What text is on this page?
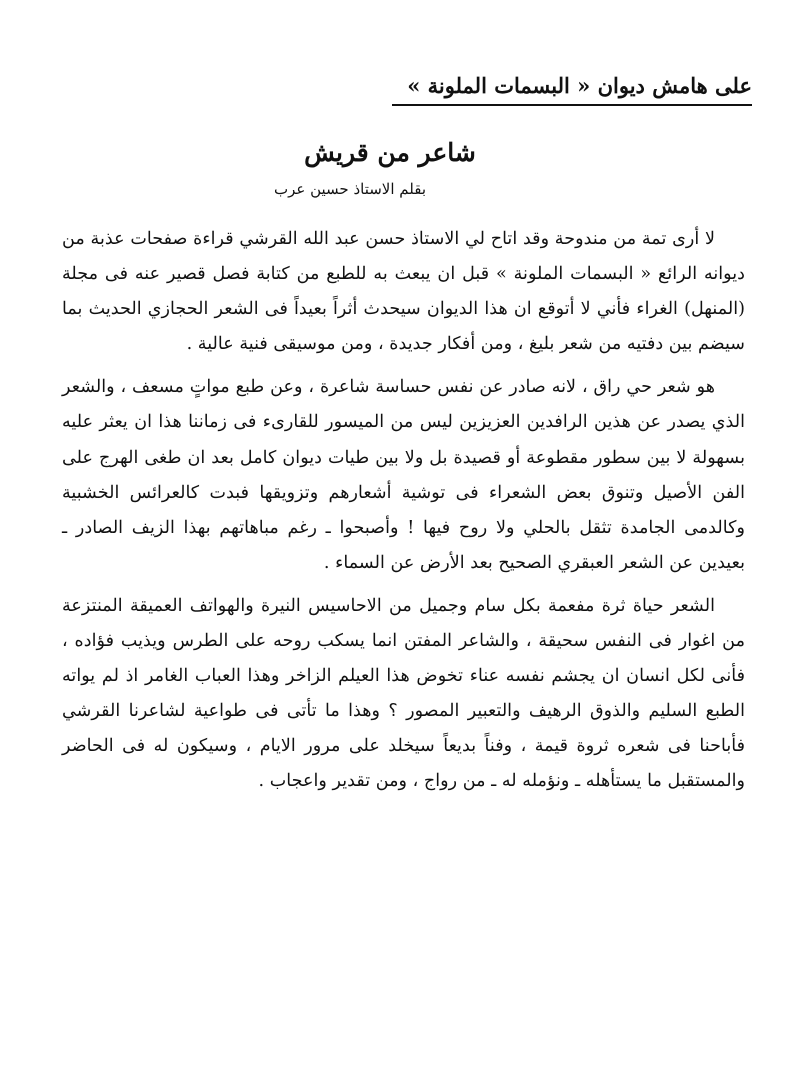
على هامش ديوان « البسمات الملونة »
شاعر من قريش
بقلم الاستاذ حسين عرب

لا أرى تمة من مندوحة وقد اتاح لي الاستاذ حسن عبد الله القرشي قراءة صفحات عذبة من ديوانه الرائع « البسمات الملونة » قبل ان يبعث به للطبع من كتابة فصل قصير عنه فى مجلة (المنهل) الغراء فأني لا أتوقع ان هذا الديوان سيحدث أثراً بعيداً فى الشعر الحجازي الحديث بما سيضم بين دفتيه من شعر بليغ ، ومن أفكار جديدة ، ومن موسيقى فنية عالية .

هو شعر حي راق ، لانه صادر عن نفس حساسة شاعرة ، وعن طبع مواتٍ مسعف ، والشعر الذي يصدر عن هذين الرافدين العزيزين ليس من الميسور للقارىء فى زماننا هذا ان يعثر عليه بسهولة لا بين سطور مقطوعة أو قصيدة بل ولا بين طيات ديوان كامل بعد ان طغى الهرج على الفن الأصيل وتنوق بعض الشعراء فى توشية أشعارهم وتزويقها فبدت كالعرائس الخشبية وكالدمى الجامدة تثقل بالحلي ولا روح فيها ! وأصبحوا ـ رغم مباهاتهم بهذا الزيف الصادر ـ بعيدين عن الشعر العبقري الصحيح بعد الأرض عن السماء .

الشعر حياة ثرة مفعمة بكل سام وجميل من الاحاسيس النيرة والهواتف العميقة المنتزعة من اغوار فى النفس سحيقة ، والشاعر المفتن انما يسكب روحه على الطرس ويذيب فؤاده ، فأنى لكل انسان ان يجشم نفسه عناء تخوض هذا العيلم الزاخر وهذا العباب الغامر اذ لم يواته الطبع السليم والذوق الرهيف والتعبير المصور ؟ وهذا ما تأتى فى طواعية لشاعرنا القرشي فأباحنا فى شعره ثروة قيمة ، وفناً بديعاً سيخلد على مرور الايام ، وسيكون له فى الحاضر والمستقبل ما يستأهله ـ ونؤمله له ـ من رواج ، ومن تقدير واعجاب .
